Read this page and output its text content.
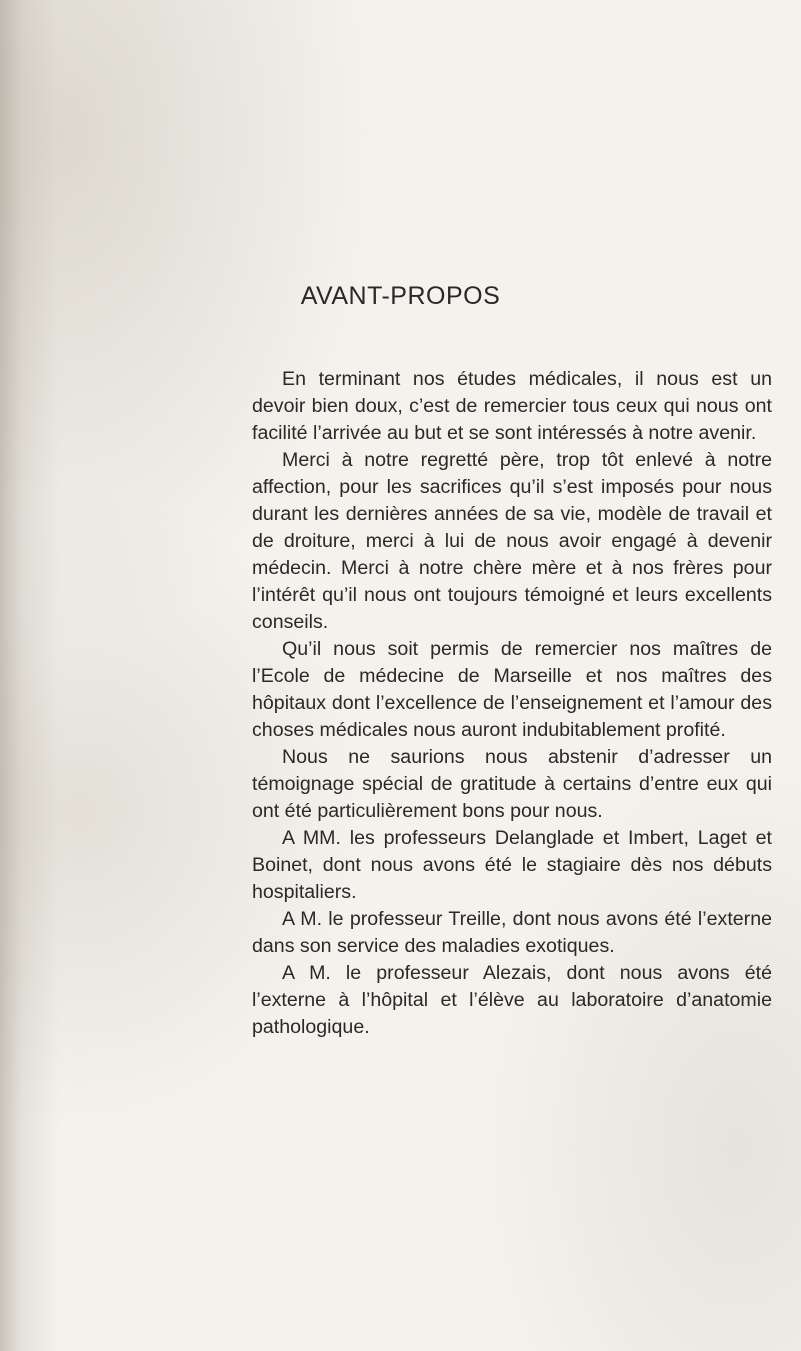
AVANT-PROPOS

En terminant nos études médicales, il nous est un devoir bien doux, c’est de remercier tous ceux qui nous ont facilité l’arrivée au but et se sont intéressés à notre avenir.

Merci à notre regretté père, trop tôt enlevé à notre affection, pour les sacrifices qu’il s’est imposés pour nous durant les dernières années de sa vie, modèle de travail et de droiture, merci à lui de nous avoir engagé à devenir médecin. Merci à notre chère mère et à nos frères pour l’intérêt qu’il nous ont toujours témoigné et leurs excellents conseils.

Qu’il nous soit permis de remercier nos maîtres de l’Ecole de médecine de Marseille et nos maîtres des hôpitaux dont l’excellence de l’enseignement et l’amour des choses médicales nous auront indubitablement profité.

Nous ne saurions nous abstenir d’adresser un témoignage spécial de gratitude à certains d’entre eux qui ont été particulièrement bons pour nous.

A MM. les professeurs Delanglade et Imbert, Laget et Boinet, dont nous avons été le stagiaire dès nos débuts hospitaliers.

A M. le professeur Treille, dont nous avons été l’externe dans son service des maladies exotiques.

A M. le professeur Alezais, dont nous avons été l’externe à l’hôpital et l’élève au laboratoire d’anatomie pathologique.
